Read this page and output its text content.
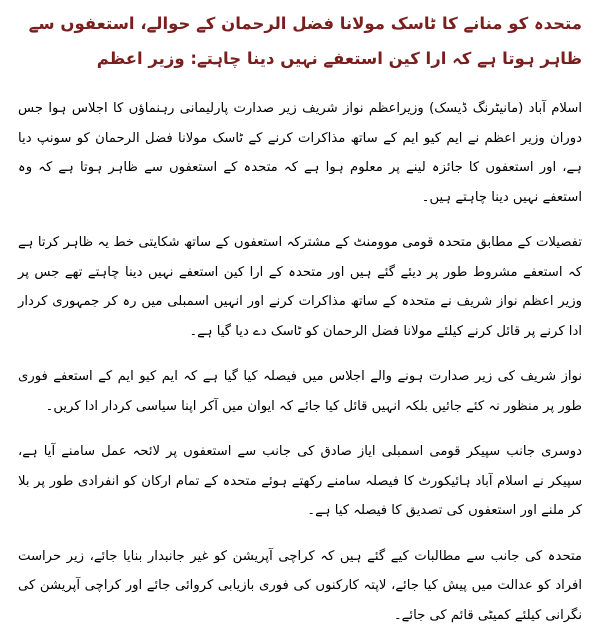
متحدہ کو منانے کا ٹاسک مولانا فضل الرحمان کے حوالے، استعفوں سے ظاہر ہوتا ہے کہ ارا کین استعفے نہیں دینا چاہتے: وزیر اعظم

اسلام آباد (مانیٹرنگ ڈیسک) وزیراعظم نواز شریف زیر صدارت پارلیمانی رہنماؤں کا اجلاس ہوا جس دوران وزیر اعظم نے ایم کیو ایم کے ساتھ مذاکرات کرنے کے ٹاسک مولانا فضل الرحمان کو سونپ دیا ہے، اور استعفوں کا جائزہ لینے پر معلوم ہوا ہے کہ متحدہ کے استعفوں سے ظاہر ہوتا ہے کہ وہ استعفے نہیں دینا چاہتے ہیں۔

تفصیلات کے مطابق متحدہ قومی موومنٹ کے مشترکہ استعفوں کے ساتھ شکایتی خط یہ ظاہر کرتا ہے کہ استعفے مشروط طور پر دیئے گئے ہیں اور متحدہ کے ارا کین استعفے نہیں دینا چاہتے تھے جس پر وزیر اعظم نواز شریف نے متحدہ کے ساتھ مذاکرات کرنے اور انہیں اسمبلی میں رہ کر جمہوری کردار ادا کرنے پر قائل کرنے کیلئے مولانا فضل الرحمان کو ٹاسک دے دیا گیا ہے۔

نواز شریف کی زیر صدارت ہونے والے اجلاس میں فیصلہ کیا گیا ہے کہ ایم کیو ایم کے استعفے فوری طور پر منظور نہ کئے جائیں بلکہ انہیں قائل کیا جائے کہ ایوان میں آکر اپنا سیاسی کردار ادا کریں۔

دوسری جانب سپیکر قومی اسمبلی ایاز صادق کی جانب سے استعفوں پر لائحہ عمل سامنے آیا ہے، سپیکر نے اسلام آباد ہائیکورٹ کا فیصلہ سامنے رکھتے ہوئے متحدہ کے تمام ارکان کو انفرادی طور پر بلا کر ملنے اور استعفوں کی تصدیق کا فیصلہ کیا ہے۔

متحدہ کی جانب سے مطالبات کیے گئے ہیں کہ کراچی آپریشن کو غیر جانبدار بنایا جائے، زیر حراست افراد کو عدالت میں پیش کیا جائے، لاپتہ کارکنوں کی فوری بازیابی کروائی جائے اور کراچی آپریشن کی نگرانی کیلئے کمیٹی قائم کی جائے۔
